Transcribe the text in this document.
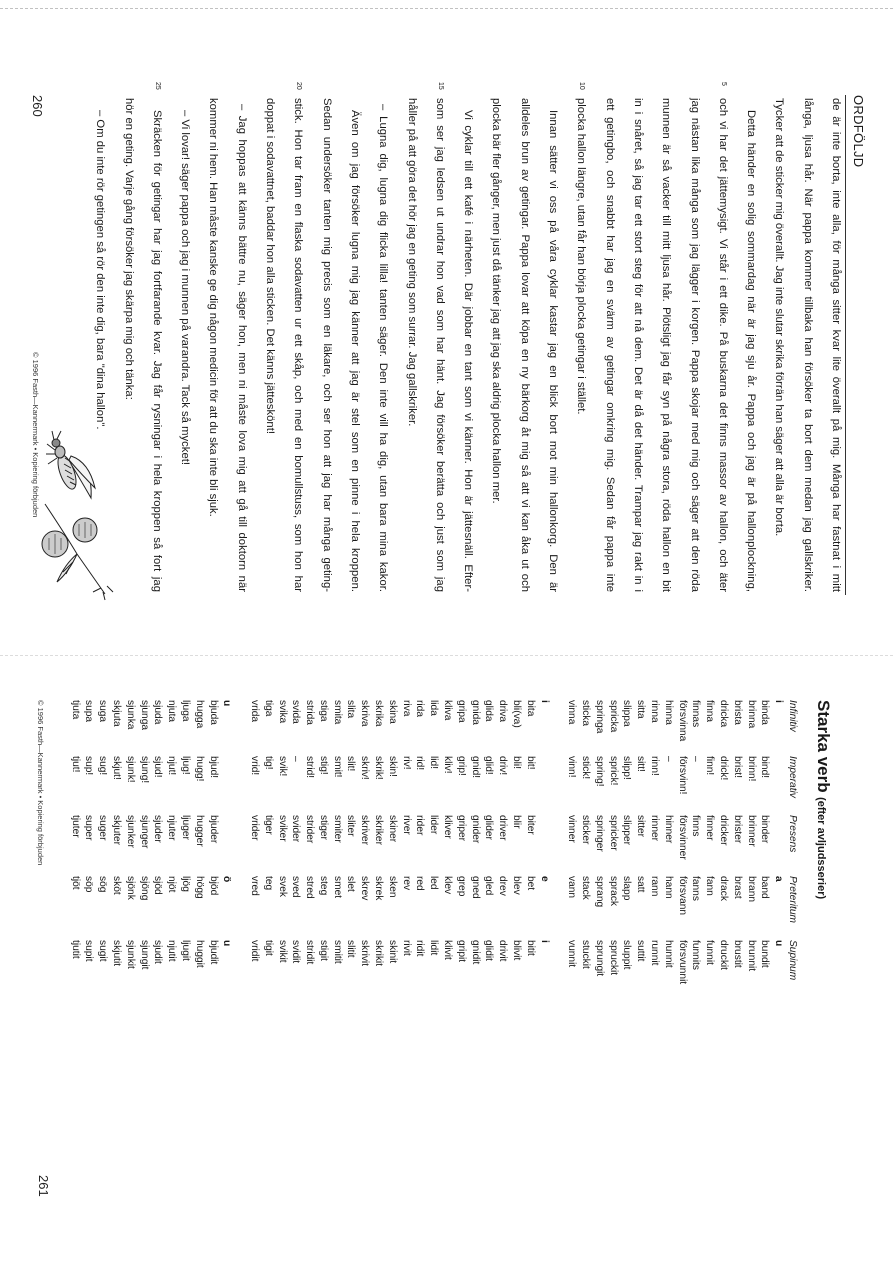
ORDFÖLJD
de är inte borta, inte alla, för många sitter kvar lite överallt på mig. Många har fastnat i mitt
långa, ljusa hår. När pappa kommer tillbaka han försöker ta bort dem medan jag gallskriker.
Tycker att de sticker mig överallt. Jag inte slutar skrika förrän han säger att alla är borta.
Detta händer en solig sommardag när är jag sju år. Pappa och jag är på hallonplockning,
5
och vi har det jättemysigt. Vi står i ett dike. På buskarna det finns massor av hallon, och äter
jag nästan lika många som jag lägger i korgen. Pappa skojar med mig och säger att den röda
munnen är så vacker till mitt ljusa hår. Plötsligt jag får syn på några stora, röda hallon en bit
in i snåret, så jag tar ett stort steg för att nå dem. Det är då det händer. Trampar jag rakt in i
ett getingbo, och snabbt har jag en svärm av getingar omkring mig. Sedan får pappa inte
10
plocka hallon längre, utan får han börja plocka getingar i stället.
Innan sätter vi oss på våra cyklar kastar jag en blick bort mot min hallonkorg. Den är
alldeles brun av getingar. Pappa lovar att köpa en ny bärkorg åt mig så att vi kan åka ut och
plocka bär fler gånger, men just då tänker jag att jag ska aldrig plocka hallon mer.
Vi cyklar till ett kafé i närheten. Där jobbar en tant som vi känner. Hon är jättesnäll. Efter-
15
som ser jag ledsen ut undrar hon vad som har hänt. Jag försöker berätta och just som jag
håller på att göra det hör jag en geting som surrar. Jag gallskriker.
– Lugna dig, lugna dig flicka lilla! tanten säger. Den inte vill ha dig, utan bara mina kakor.
Även om jag försöker lugna mig jag känner att jag är stel som en pinne i hela kroppen.
Sedan undersöker tanten mig precis som en läkare, och ser hon att jag har många geting-
20
stick. Hon tar fram en flaska sodavatten ur ett skåp, och med en bomullstuss, som hon har
doppat i sodavattnet, baddar hon alla sticken. Det känns jätteskönt!
– Jag hoppas att känns bättre nu, säger hon, men ni måste lova mig att gå till doktorn när
kommer ni hem. Han måste kanske ge dig någon medicin för att du ska inte bli sjuk.
– Vi lovar! säger pappa och jag i munnen på varandra. Tack så mycket!
25
Skräcken för getingar har jag fortfarande kvar. Jag får rysningar i hela kroppen så fort jag
hör en geting. Varje gång försöker jag skärpa mig och tänka:
– Om du inte rör getingen så rör den inte dig, bara "dina hallon".
© 1996 Fasth—Kannermark • Kopiering förbjuden
260
Starka verb (efter avljudsserier)
Infinitiv
Imperativ
Presens
Preteritum
Supinum
i
a
u
binda
bind!
binder
band
bundit
brinna
brinn!
brinner
brann
brunnit
brista
brist!
brister
brast
brustit
dricka
drick!
dricker
drack
druckit
finna
finn!
finner
fann
funnit
finnas
–
finns
fanns
funnits
försvinna
försvinn!
försvinner
försvann
försvunnit
hinna
–
hinner
hann
hunnit
rinna
rinn!
rinner
rann
runnit
sitta
sitt!
sitter
satt
suttit
slippa
slipp!
slipper
slapp
sluppit
spricka
sprick!
spricker
sprack
spruckit
springa
spring!
springer
sprang
sprungit
sticka
stick!
sticker
stack
stuckit
vinna
vinn!
vinner
vann
vunnit
i
e
i
bita
bit!
biter
bet
bitit
bli(va)
bli!
blir
blev
blivit
driva
driv!
driver
drev
drivit
glida
glid!
glider
gled
glidit
gnida
gnid!
gnider
gned
gnidit
gripa
grip!
griper
grep
gripit
kliva
kliv!
kliver
klev
klivit
lida
lid!
lider
led
lidit
rida
rid!
rider
red
ridit
riva
riv!
river
rev
rivit
skina
skin!
skiner
sken
skinit
skrika
skrik!
skriker
skrek
skrikit
skriva
skriv!
skriver
skrev
skrivit
slita
slit!
sliter
slet
slitit
smita
smit!
smiter
smet
smitit
stiga
stig!
stiger
steg
stigit
strida
strid!
strider
stred
stridit
svida
–
svider
sved
svidit
svika
svik!
sviker
svek
svikit
tiga
tig!
tiger
teg
tigit
vrida
vrid!
vrider
vred
vridit
u
ö
u
bjuda
bjud!
bjuder
bjöd
bjudit
hugga
hugg!
hugger
högg
huggit
ljuga
ljug!
ljuger
ljög
ljugit
njuta
njut!
njuter
njöt
njutit
sjuda
sjud!
sjuder
sjöd
sjudit
sjunga
sjung!
sjunger
sjöng
sjungit
sjunka
sjunk!
sjunker
sjönk
sjunkit
skjuta
skjut!
skjuter
sköt
skjutit
suga
sug!
suger
sög
sugit
supa
sup!
super
söp
supit
tjuta
tjut!
tjuter
tjöt
tjutit
© 1996 Fasth—Kannermark • Kopiering förbjuden
261
